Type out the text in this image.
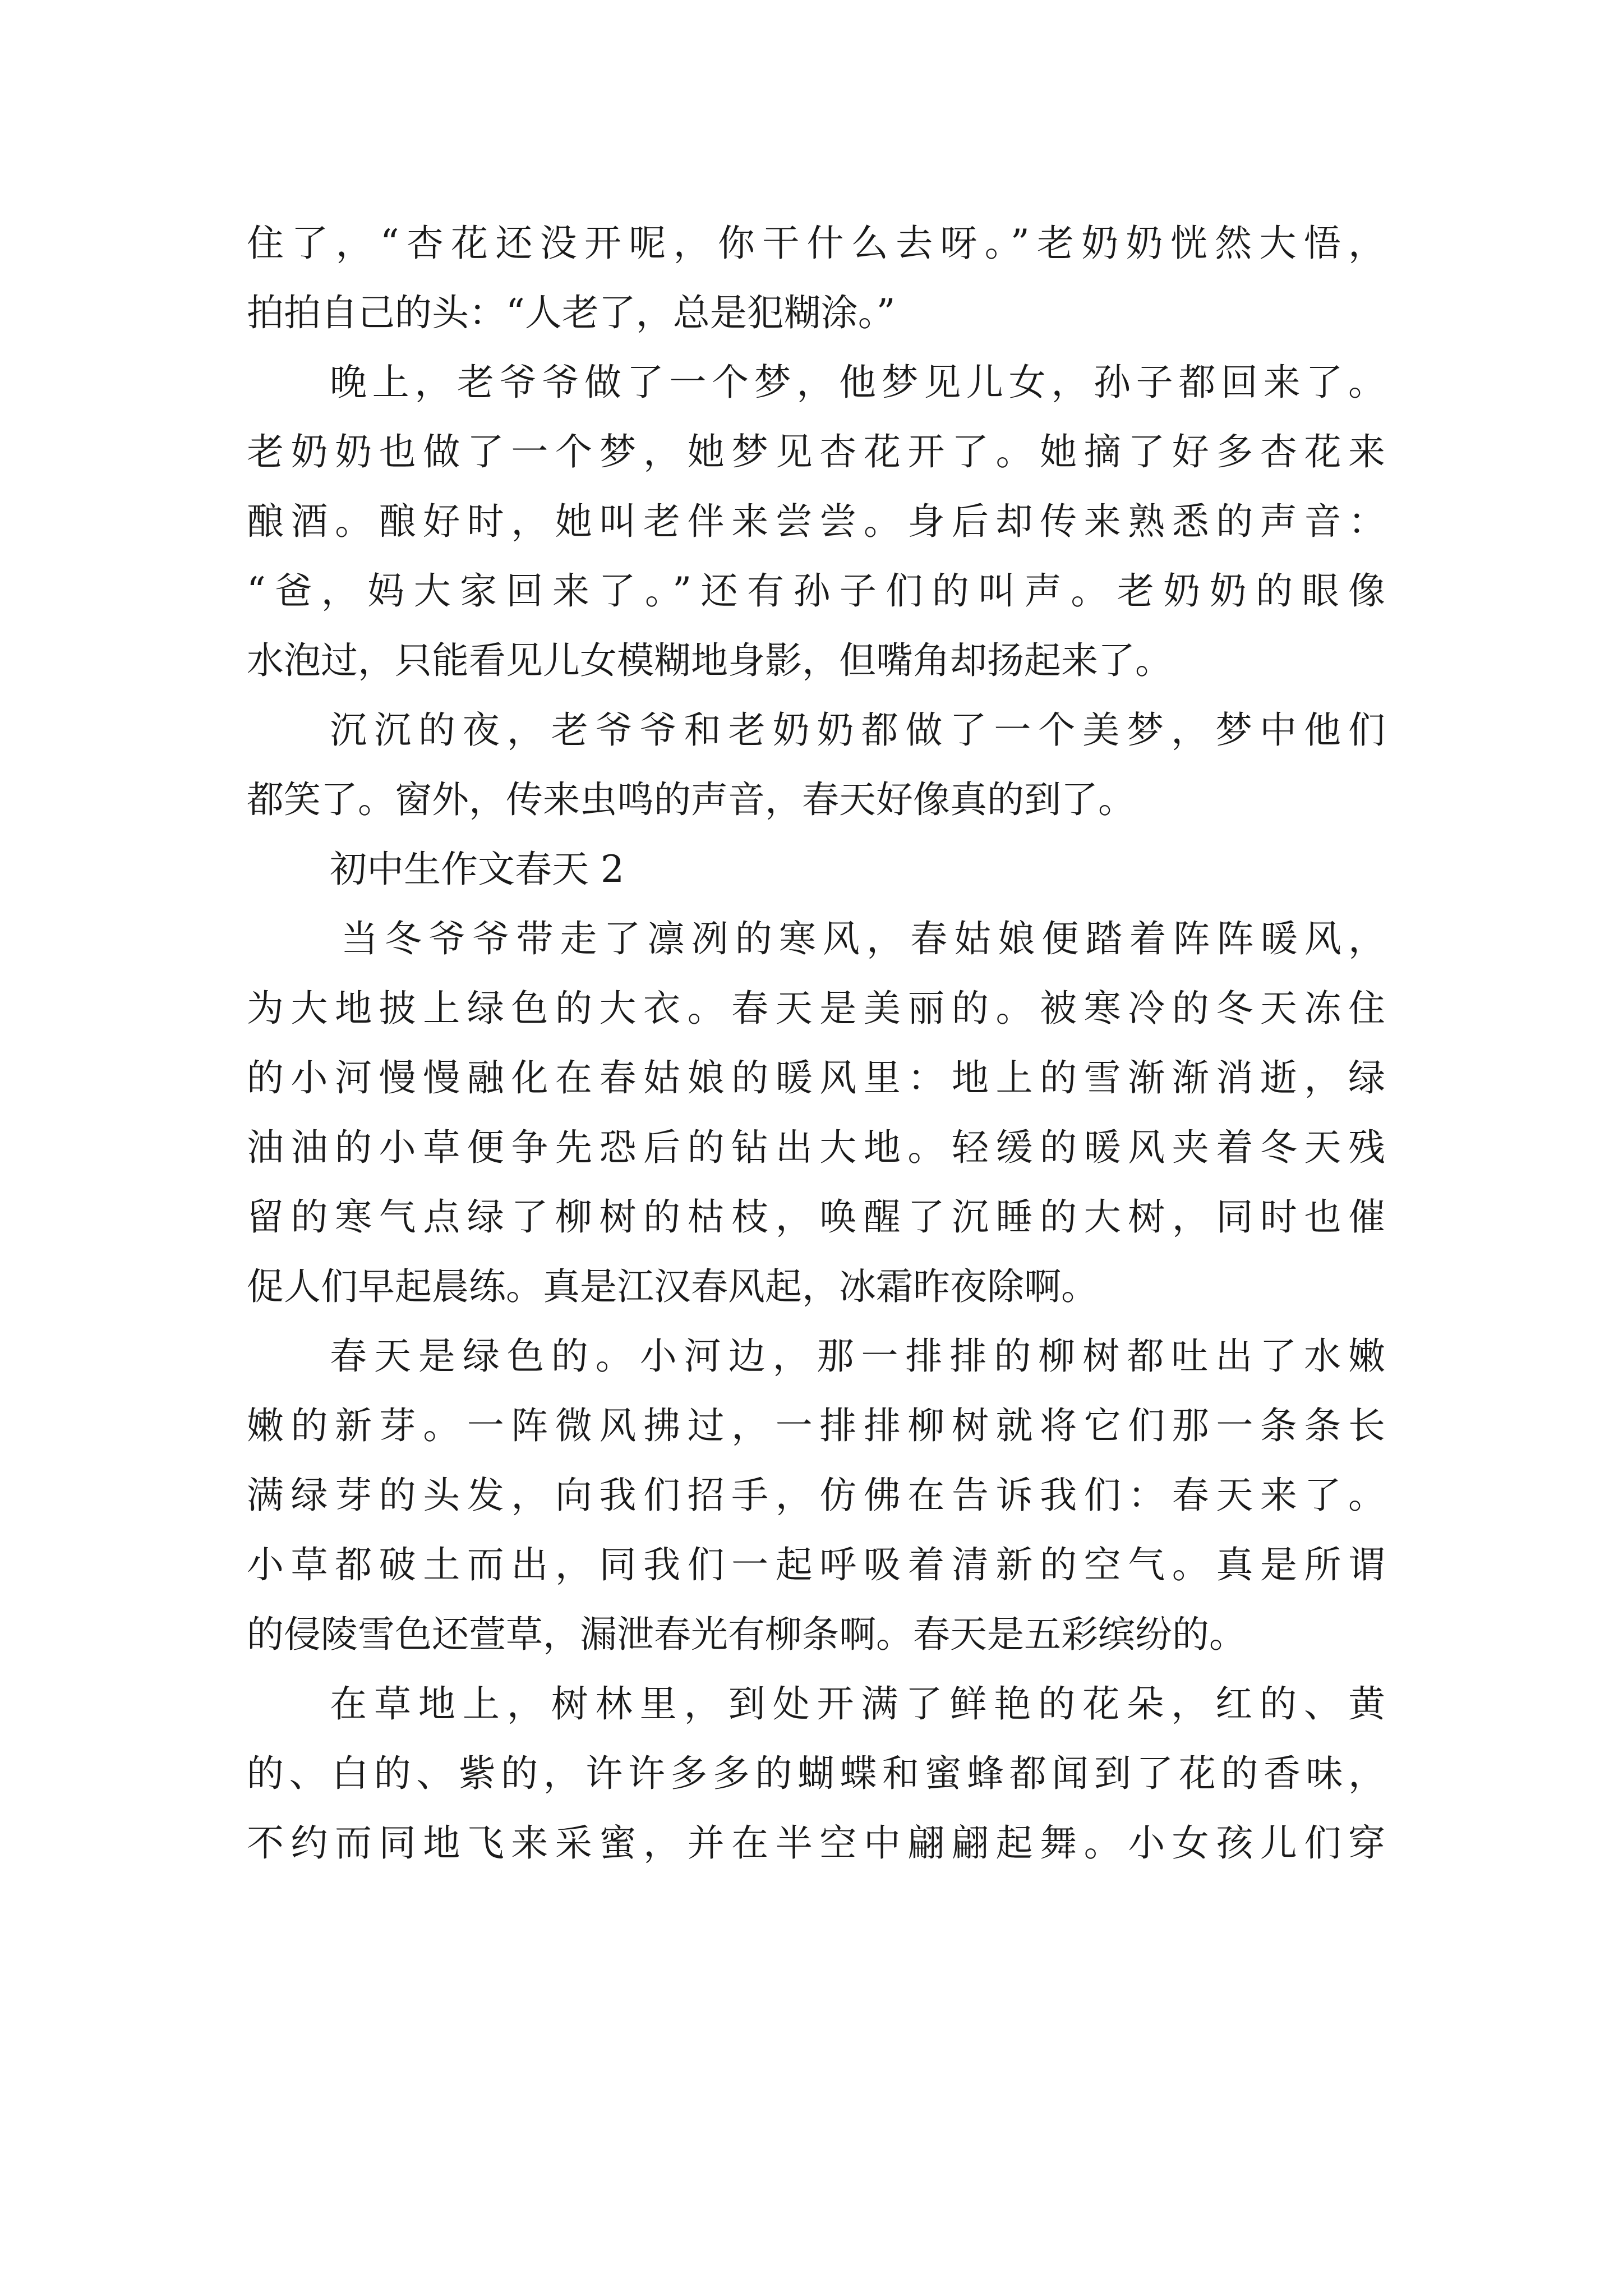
住了，“杏花还没开呢，你干什么去呀。”老奶奶恍然大悟，
拍拍自己的头：“人老了，总是犯糊涂。”
晚上，老爷爷做了一个梦，他梦见儿女，孙子都回来了。
老奶奶也做了一个梦，她梦见杏花开了。她摘了好多杏花来
酿酒。酿好时，她叫老伴来尝尝。身后却传来熟悉的声音：
“爸，妈大家回来了。”还有孙子们的叫声。老奶奶的眼像
水泡过，只能看见儿女模糊地身影，但嘴角却扬起来了。
沉沉的夜，老爷爷和老奶奶都做了一个美梦，梦中他们
都笑了。窗外，传来虫鸣的声音，春天好像真的到了。
初中生作文春天 2
当冬爷爷带走了凛冽的寒风，春姑娘便踏着阵阵暖风，
为大地披上绿色的大衣。春天是美丽的。被寒冷的冬天冻住
的小河慢慢融化在春姑娘的暖风里：地上的雪渐渐消逝，绿
油油的小草便争先恐后的钻出大地。轻缓的暖风夹着冬天残
留的寒气点绿了柳树的枯枝，唤醒了沉睡的大树，同时也催
促人们早起晨练。真是江汉春风起，冰霜昨夜除啊。
春天是绿色的。小河边，那一排排的柳树都吐出了水嫩
嫩的新芽。一阵微风拂过，一排排柳树就将它们那一条条长
满绿芽的头发，向我们招手，仿佛在告诉我们：春天来了。
小草都破土而出，同我们一起呼吸着清新的空气。真是所谓
的侵陵雪色还萱草，漏泄春光有柳条啊。春天是五彩缤纷的。
在草地上，树林里，到处开满了鲜艳的花朵，红的、黄
的、白的、紫的，许许多多的蝴蝶和蜜蜂都闻到了花的香味，
不约而同地飞来采蜜，并在半空中翩翩起舞。小女孩儿们穿
